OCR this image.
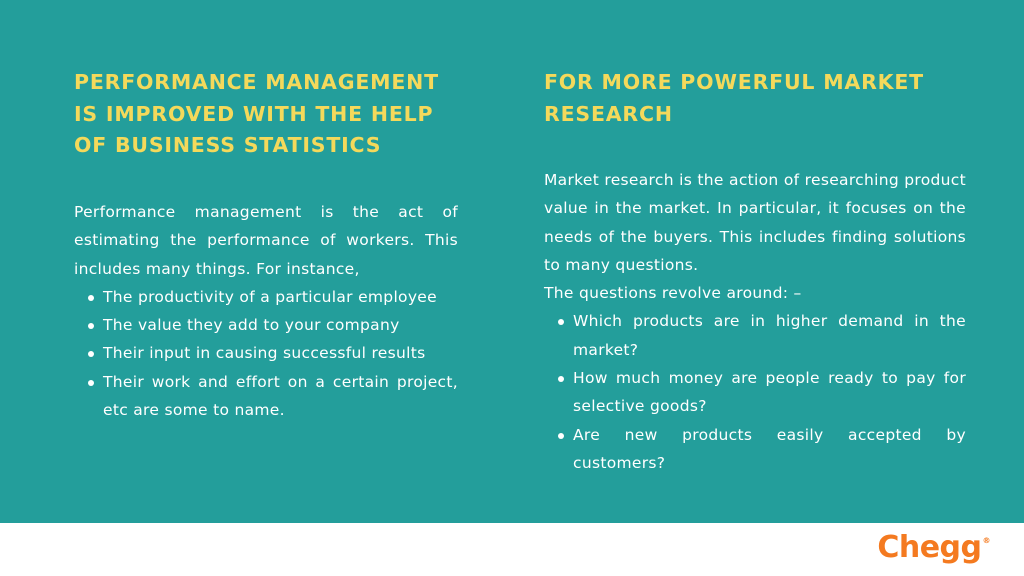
PERFORMANCE MANAGEMENT IS IMPROVED WITH THE HELP OF BUSINESS STATISTICS

Performance management is the act of estimating the performance of workers. This includes many things. For instance,

The productivity of a particular employee
The value they add to your company
Their input in causing successful results
Their work and effort on a certain project, etc are some to name.
FOR MORE POWERFUL MARKET RESEARCH

Market research is the action of researching product value in the market. In particular, it focuses on the needs of the buyers. This includes finding solutions to many questions.

The questions revolve around: –

Which products are in higher demand in the market?
How much money are people ready to pay for selective goods?
Are new products easily accepted by customers?
Chegg®
